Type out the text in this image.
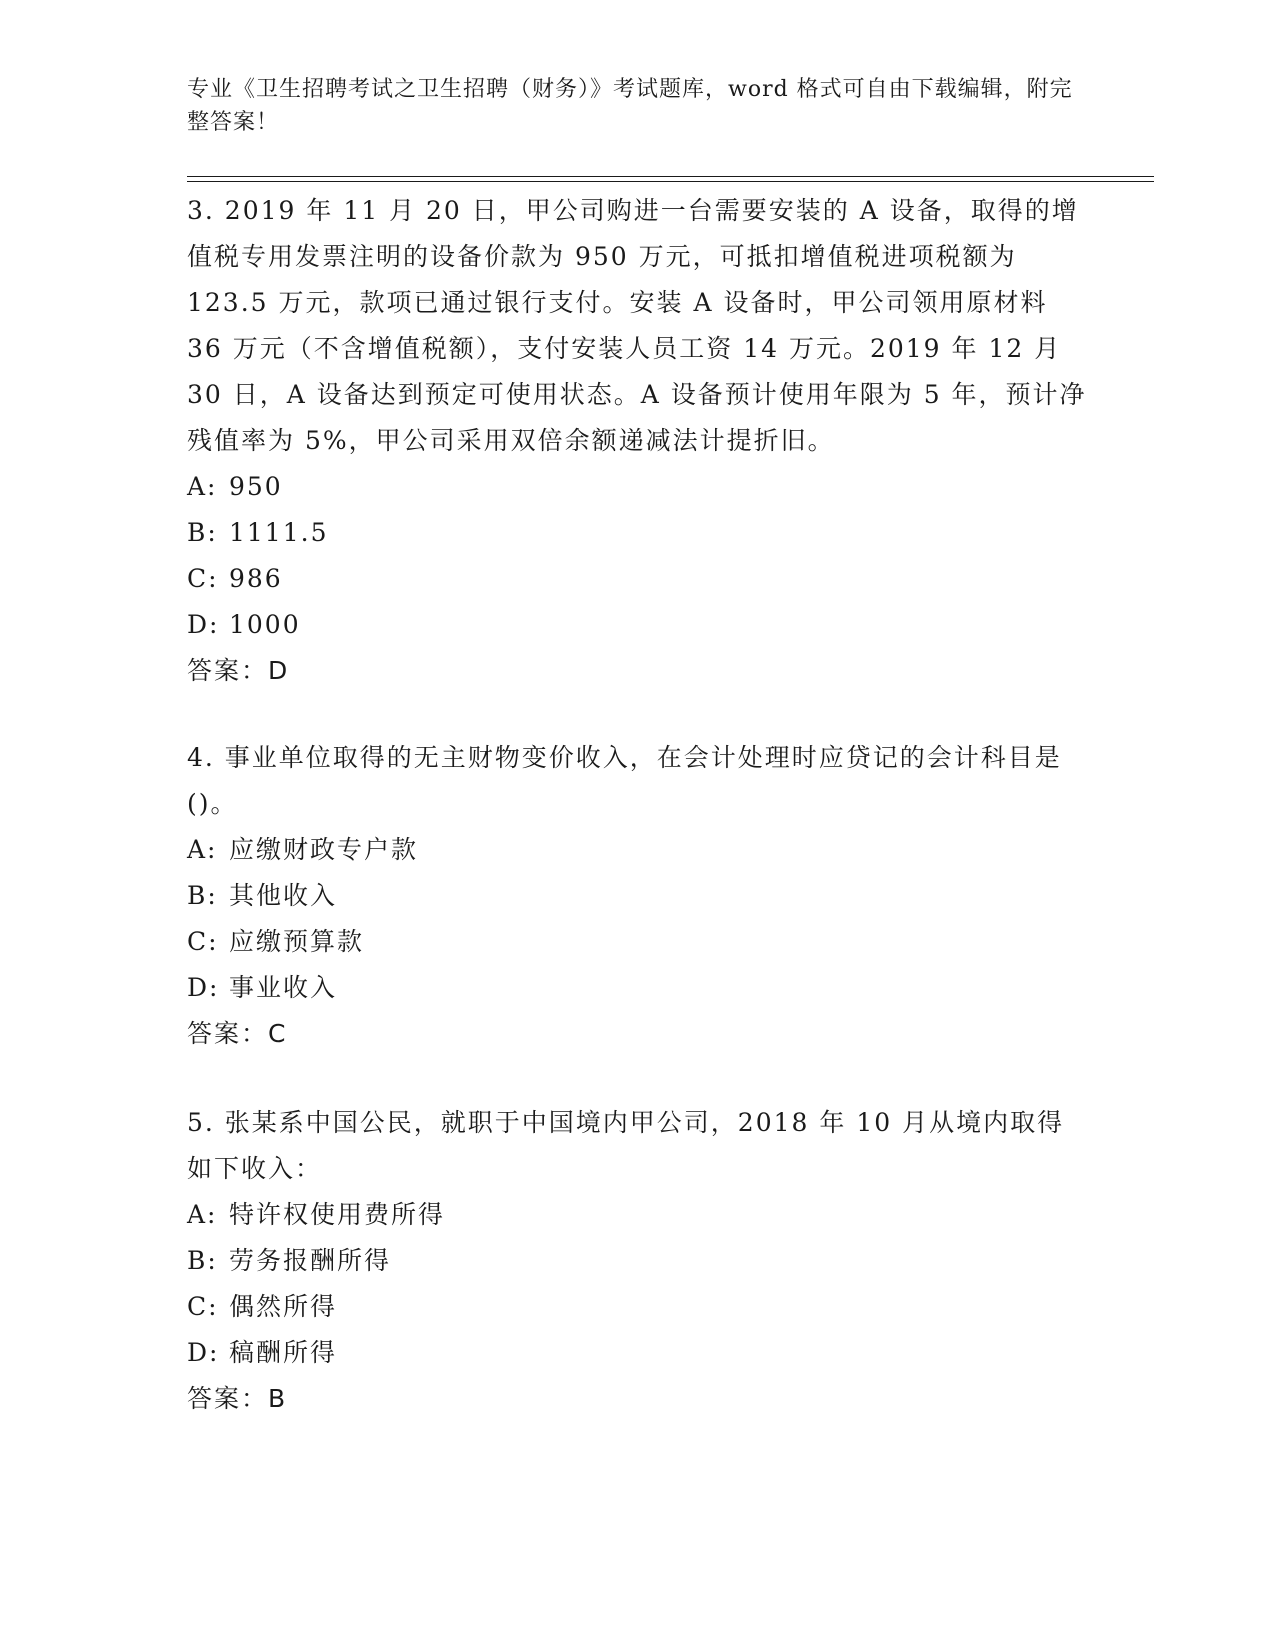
专业《卫生招聘考试之卫生招聘（财务）》考试题库，word 格式可自由下载编辑，附完整答案！
3. 2019 年 11 月 20 日，甲公司购进一台需要安装的 A 设备，取得的增值税专用发票注明的设备价款为 950 万元，可抵扣增值税进项税额为 123.5 万元，款项已通过银行支付。安装 A 设备时，甲公司领用原材料 36 万元（不含增值税额），支付安装人员工资 14 万元。2019 年 12 月 30 日，A 设备达到预定可使用状态。A 设备预计使用年限为 5 年，预计净残值率为 5%，甲公司采用双倍余额递减法计提折旧。
A: 950
B: 1111.5
C: 986
D: 1000
答案：D
4. 事业单位取得的无主财物变价收入，在会计处理时应贷记的会计科目是()。
A: 应缴财政专户款
B: 其他收入
C: 应缴预算款
D: 事业收入
答案：C
5. 张某系中国公民，就职于中国境内甲公司，2018 年 10 月从境内取得如下收入：
A: 特许权使用费所得
B: 劳务报酬所得
C: 偶然所得
D: 稿酬所得
答案：B
